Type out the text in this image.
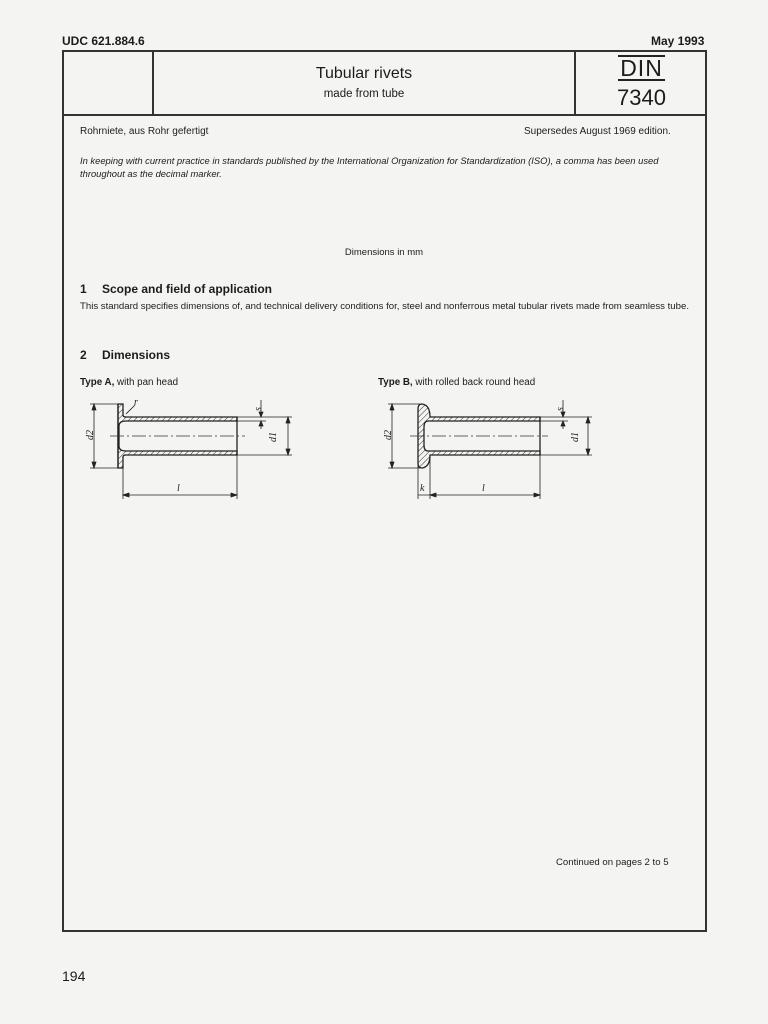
UDC 621.884.6	May 1993
Tubular rivets
made from tube
DIN
7340
Rohrniete, aus Rohr gefertigt	Supersedes August 1969 edition.
In keeping with current practice in standards published by the International Organization for Standardization (ISO), a comma has been used throughout as the decimal marker.
Dimensions in mm
1 Scope and field of application
This standard specifies dimensions of, and technical delivery conditions for, steel and nonferrous metal tubular rivets made from seamless tube.
2 Dimensions
Type A, with pan head	Type B, with rolled back round head
d2
r
s
d1
l
d2
s
d1
k	l
Continued on pages 2 to 5
194
